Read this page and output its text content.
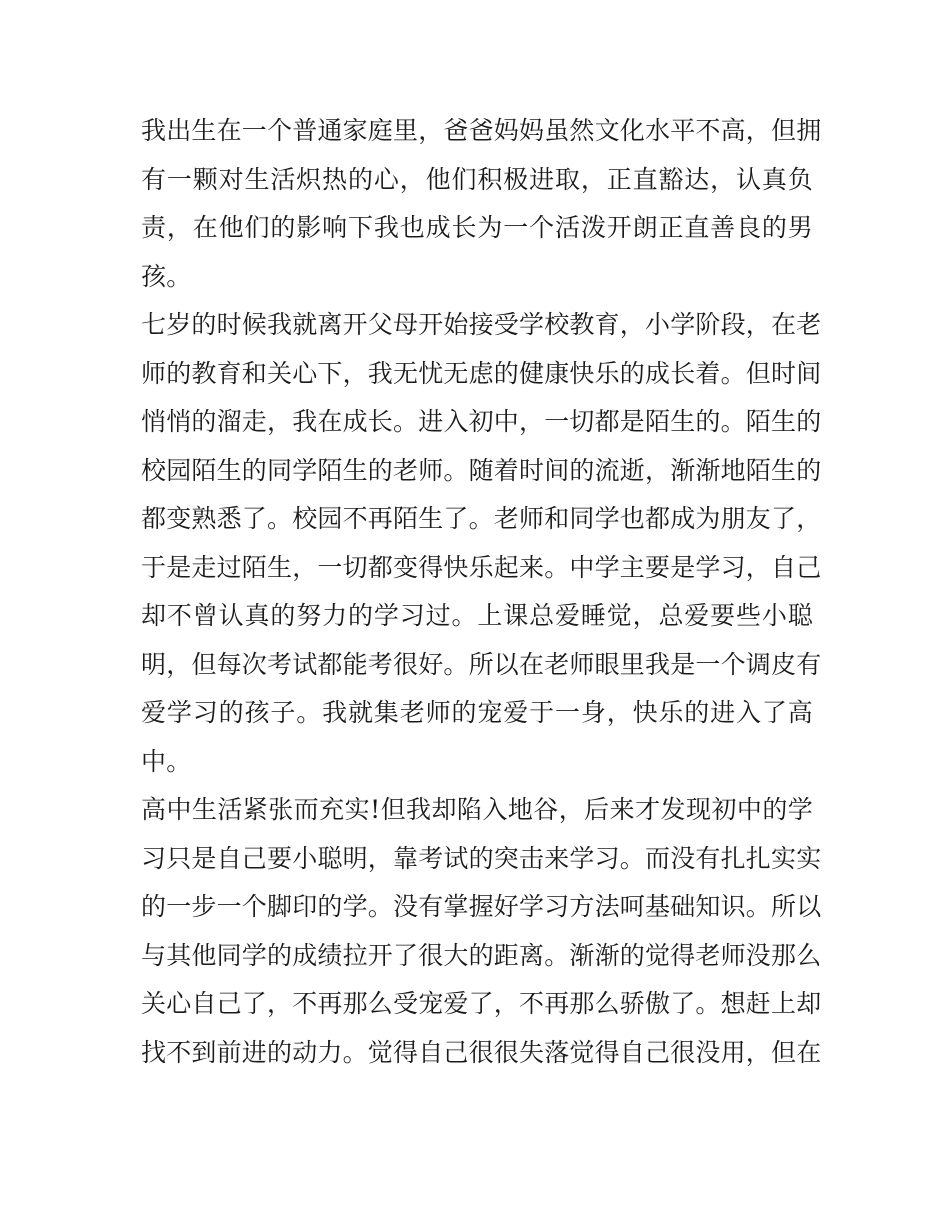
我出生在一个普通家庭里，爸爸妈妈虽然文化水平不高，但拥
有一颗对生活炽热的心，他们积极进取，正直豁达，认真负
责，在他们的影响下我也成长为一个活泼开朗正直善良的男
孩。
七岁的时候我就离开父母开始接受学校教育，小学阶段，在老
师的教育和关心下，我无忧无虑的健康快乐的成长着。但时间
悄悄的溜走，我在成长。进入初中，一切都是陌生的。陌生的
校园陌生的同学陌生的老师。随着时间的流逝，渐渐地陌生的
都变熟悉了。校园不再陌生了。老师和同学也都成为朋友了，
于是走过陌生，一切都变得快乐起来。中学主要是学习，自己
却不曾认真的努力的学习过。上课总爱睡觉，总爱要些小聪
明，但每次考试都能考很好。所以在老师眼里我是一个调皮有
爱学习的孩子。我就集老师的宠爱于一身，快乐的进入了高
中。
高中生活紧张而充实!但我却陷入地谷，后来才发现初中的学
习只是自己要小聪明，靠考试的突击来学习。而没有扎扎实实
的一步一个脚印的学。没有掌握好学习方法呵基础知识。所以
与其他同学的成绩拉开了很大的距离。渐渐的觉得老师没那么
关心自己了，不再那么受宠爱了，不再那么骄傲了。想赶上却
找不到前进的动力。觉得自己很很失落觉得自己很没用，但在
